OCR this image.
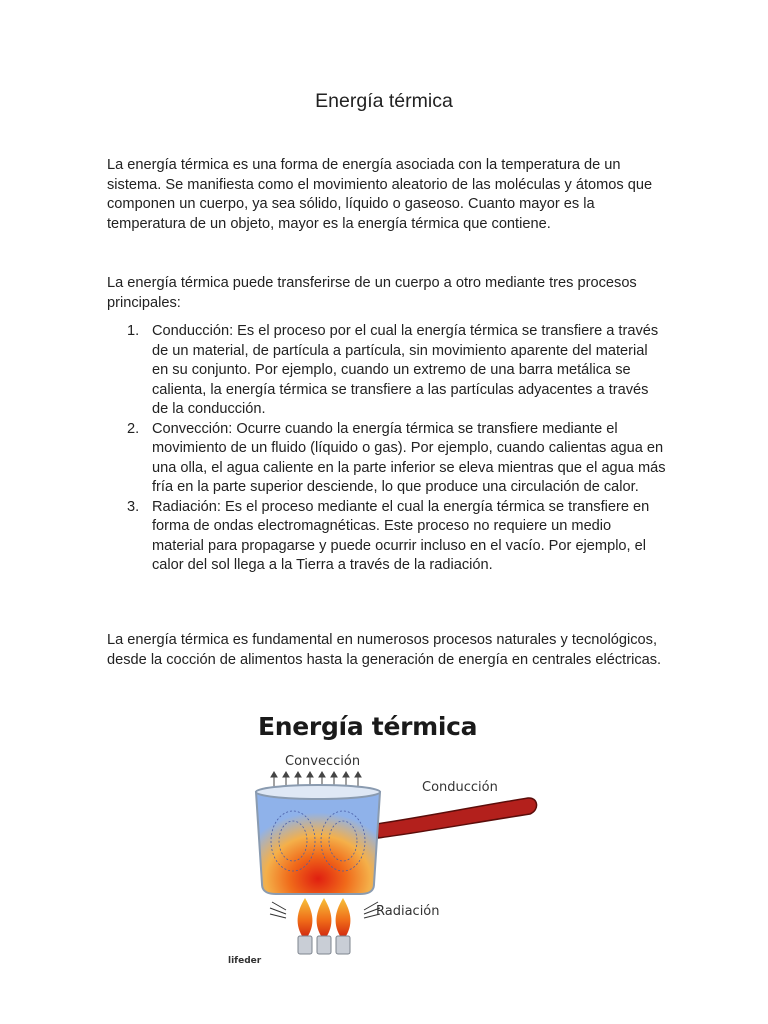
Energía térmica

La energía térmica es una forma de energía asociada con la temperatura de un sistema. Se manifiesta como el movimiento aleatorio de las moléculas y átomos que componen un cuerpo, ya sea sólido, líquido o gaseoso. Cuanto mayor es la temperatura de un objeto, mayor es la energía térmica que contiene.

La energía térmica puede transferirse de un cuerpo a otro mediante tres procesos principales:

1. Conducción: Es el proceso por el cual la energía térmica se transfiere a través de un material, de partícula a partícula, sin movimiento aparente del material en su conjunto. Por ejemplo, cuando un extremo de una barra metálica se calienta, la energía térmica se transfiere a las partículas adyacentes a través de la conducción.
2. Convección: Ocurre cuando la energía térmica se transfiere mediante el movimiento de un fluido (líquido o gas). Por ejemplo, cuando calientas agua en una olla, el agua caliente en la parte inferior se eleva mientras que el agua más fría en la parte superior desciende, lo que produce una circulación de calor.
3. Radiación: Es el proceso mediante el cual la energía térmica se transfiere en forma de ondas electromagnéticas. Este proceso no requiere un medio material para propagarse y puede ocurrir incluso en el vacío. Por ejemplo, el calor del sol llega a la Tierra a través de la radiación.

La energía térmica es fundamental en numerosos procesos naturales y tecnológicos, desde la cocción de alimentos hasta la generación de energía en centrales eléctricas.

Energía térmica
Convección
Conducción
Radiación
lifeder
